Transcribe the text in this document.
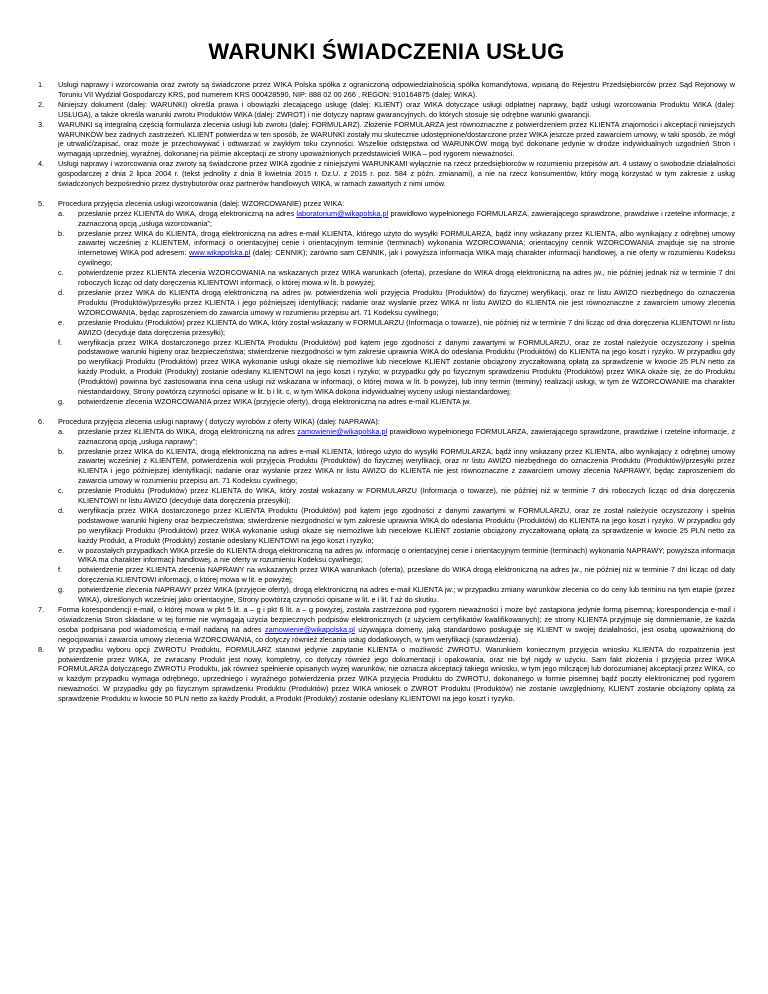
WARUNKI ŚWIADCZENIA USŁUG
1. Usługi naprawy i wzorcowania oraz zwroty są świadczone przez WIKA Polska spółka z ograniczoną odpowiedzialnością spółka komandytowa, wpisaną do Rejestru Przedsiębiorców przez Sąd Rejonowy w Toruniu VII Wydział Gospodarczy KRS, pod numerem KRS 000428590, NIP: 888 02 00 266 , REGON: 910164875 (dalej: WIKA).
2. Niniejszy dokument (dalej: WARUNKI) określa prawa i obowiązki zlecającego usługę (dalej: KLIENT) oraz WIKA dotyczące usługi odpłatnej naprawy, bądź usługi wzorcowania Produktu WIKA (dalej: USŁUGA), a także określa warunki zwrotu Produktów WIKA (dalej: ZWROT) i nie dotyczy napraw gwarancyjnych, do których stosuje się odrębne warunki gwarancji.
3. WARUNKI są integralną częścią formularza zlecenia usługi lub zwrotu (dalej: FORMULARZ). Złożenie FORMULARZA jest równoznaczne z potwierdzeniem przez KLIENTA znajomości i akceptacji niniejszych WARUNKÓW bez żadnych zastrzeżeń. KLIENT potwierdza w ten sposób, że WARUNKI zostały mu skutecznie udostępnione/dostarczone przez WIKA jeszcze przed zawarciem umowy, w taki sposób, że mógł je utrwalić/zapisać, oraz może je przechowywać i odtwarzać w zwykłym toku czynności. Wszelkie odstępstwa od WARUNKÓW mogą być dokonane jedynie w drodze indywidualnych uzgodnień Stron i wymagają uprzedniej, wyraźnej, dokonanej na piśmie akceptacji ze strony upoważnionych przedstawicieli WIKA – pod rygorem nieważności.
4. Usługi naprawy i wzorcowania oraz zwroty są świadczone przez WIKA zgodnie z niniejszymi WARUNKAMI wyłącznie na rzecz przedsiębiorców w rozumieniu przepisów art. 4 ustawy o swobodzie działalności gospodarczej z dnia 2 lipca 2004 r. (tekst jednolity z dnia 8 kwietnia 2015 r. Dz.U. z 2015 r. poz. 584 z późn. zmianami), a nie na rzecz konsumentów, który mogą korzystać w tym zakresie z usług świadczonych bezpośrednio przez dystrybutorów oraz partnerów handlowych WIKA, w ramach zawartych z nimi umów.
5. Procedura przyjęcia zlecenia usługi wzorcowania (dalej: WZORCOWANIE) przez WIKA:
a. przesłanie przez KLIENTA do WIKA, drogą elektroniczną na adres laboratorium@wikapolska.pl prawidłowo wypełnionego FORMULARZA, zawierającego sprawdzone, prawdziwe i rzetelne informacje, z zaznaczoną opcją „usługa wzorcowania”;
b. przesłanie przez WIKA do KLIENTA, drogą elektroniczną na adres e-mail KLIENTA, którego użyto do wysyłki FORMULARZA, bądź inny wskazany przez KLIENTA, albo wynikający z odrębnej umowy zawartej wcześniej z KLIENTEM, informacji o orientacyjnej cenie i orientacyjnym terminie (terminach) wykonania WZORCOWANIA; orientacyjny cennik WZORCOWANIA znajduje się na stronie internetowej WIKA pod adresem: www.wikapolska.pl (dalej: CENNIK); zarówno sam CENNIK, jak i powyższa informacja WIKA mają charakter informacji handlowej, a nie oferty w rozumieniu Kodeksu cywilnego;
c. potwierdzenie przez KLIENTA zlecenia WZORCOWANIA na wskazanych przez WIKA warunkach (oferta), przesłane do WIKA drogą elektroniczną na adres jw., nie później jednak niż w terminie 7 dni roboczych licząc od daty doręczenia KLIENTOWI informacji, o której mowa w lit. b powyżej;
d. przesłanie przez WIKA do KLIENTA drogą elektroniczną na adres jw. potwierdzenia woli przyjęcia Produktu (Produktów) do fizycznej weryfikacji, oraz nr listu AWIZO niezbędnego do oznaczenia Produktu (Produktów)/przesyłki przez KLIENTA i jego późniejszej identyfikacji; nadanie oraz wysłanie przez WIKA nr listu AWIZO do KLIENTA nie jest równoznaczne z zawarciem umowy zlecenia WZORCOWANIA, będąc zaproszeniem do zawarcia umowy w rozumieniu przepisu art. 71 Kodeksu cywilnego;
e. przesłanie Produktu (Produktów) przez KLIENTA do WIKA, który został wskazany w FORMULARZU (Informacja o towarze), nie później niż w terminie 7 dni licząc od dnia doręczenia KLIENTOWI nr listu AWIZO (decyduje data doręczenia przesyłki);
f. weryfikacja przez WIKA dostarczonego przez KLIENTA Produktu (Produktów) pod kątem jego zgodności z danymi zawartymi w FORMULARZU, oraz że został należycie oczyszczony i spełnia podstawowe warunki higieny oraz bezpieczeństwa; stwierdzenie niezgodności w tym zakresie uprawnia WIKA do odesłania Produktu (Produktów) do KLIENTA na jego koszt i ryzyko. W przypadku gdy po weryfikacji Produktu (Produktów) przez WIKA wykonanie usługi okaże się niemożliwe lub niecelowe KLIENT zostanie obciążony zryczałtowaną opłatą za sprawdzenie w kwocie 25 PLN netto za każdy Produkt, a Produkt (Produkty) zostanie odesłany KLIENTOWI na jego koszt i ryzyko; w przypadku gdy po fizycznym sprawdzeniu Produktu (Produktów) przez WIKA okaże się, że do Produktu (Produktów) powinna być zastosowana inna cena usługi niż wskazana w informacji, o której mowa w lit. b powyżej, lub inny termin (terminy) realizacji usługi, w tym że WZORCOWANIE ma charakter niestandardowy, Strony powtórzą czynności opisane w lit. b i lit. c, w tym WIKA dokona indywidualnej wyceny usługi niestandardowej;
g. potwierdzenie zlecenia WZORCOWANIA przez WIKA (przyjęcie oferty), drogą elektroniczną na adres e-mail KLIENTA jw.
6. Procedura przyjęcia zlecenia usługi naprawy ( dotyczy wyrobów z oferty WIKA) (dalej: NAPRAWA):
a. przesłanie przez KLIENTA do WIKA, drogą elektroniczną na adres zamowienie@wikapolska.pl prawidłowo wypełnionego FORMULARZA, zawierającego sprawdzone, prawdziwe i rzetelne informacje, z zaznaczoną opcją „usługa naprawy”;
b. przesłanie przez WIKA do KLIENTA, drogą elektroniczną na adres e-mail KLIENTA, którego użyto do wysyłki FORMULARZA, bądź inny wskazany przez KLIENTA, albo wynikający z odrębnej umowy zawartej wcześniej z KLIENTEM, potwierdzenia woli przyjęcia Produktu (Produktów) do fizycznej weryfikacji, oraz nr listu AWIZO niezbędnego do oznaczenia Produktu (Produktów)/przesyłki przez KLIENTA i jego późniejszej identyfikacji; nadanie oraz wysłanie przez WIKA nr listu AWIZO do KLIENTA nie jest równoznaczne z zawarciem umowy zlecenia NAPRAWY, będąc zaproszeniem do zawarcia umowy w rozumieniu przepisu art. 71 Kodeksu cywilnego;
c. przesłanie Produktu (Produktów) przez KLIENTA do WIKA, który został wskazany w FORMULARZU (Informacja o towarze), nie później niż w terminie 7 dni roboczych licząc od dnia doręczenia KLIENTOWI nr listu AWIZO (decyduje data doręczenia przesyłki);
d. weryfikacja przez WIKA dostarczonego przez KLIENTA Produktu (Produktów) pod kątem jego zgodności z danymi zawartymi w FORMULARZU, oraz że został należycie oczyszczony i spełnia podstawowe warunki higieny oraz bezpieczeństwa; stwierdzenie niezgodności w tym zakresie uprawnia WIKA do odesłania Produktu (Produktów) do KLIENTA na jego koszt i ryzyko. W przypadku gdy po weryfikacji Produktu (Produktów) przez WIKA wykonanie usługi okaże się niemożliwe lub niecelowe KLIENT zostanie obciążony zryczałtowaną opłatą za sprawdzenie w kwocie 25 PLN netto za każdy Produkt, a Produkt (Produkty) zostanie odesłany KLIENTOWI na jego koszt i ryzyko;
e. w pozostałych przypadkach WIKA prześle do KLIENTA drogą elektroniczną na adres jw. informację o orientacyjnej cenie i orientacyjnym terminie (terminach) wykonania NAPRAWY; powyższa informacja WIKA ma charakter informacji handlowej, a nie oferty w rozumieniu Kodeksu cywilnego;
f. potwierdzenie przez KLIENTA zlecenia NAPRAWY na wskazanych przez WIKA warunkach (oferta), przesłane do WIKA drogą elektroniczną na adres jw., nie później niż w terminie 7 dni licząc od daty doręczenia KLIENTOWI informacji, o której mowa w lit. e powyżej;
g. potwierdzenie zlecenia NAPRAWY przez WIKA (przyjęcie oferty), drogą elektroniczną na adres e-mail KLIENTA jw.; w przypadku zmiany warunków zlecenia co do ceny lub terminu na tym etapie (przez WIKA), określonych wcześniej jako orientacyjne, Strony powtórzą czynności opisane w lit. e i lit. f aż do skutku.
7. Forma korespondencji e-mail, o której mowa w pkt 5 lit. a – g i pkt 6 lit. a – g powyżej, została zastrzeżona pod rygorem nieważności i może być zastąpiona jedynie formą pisemną; korespondencja e-mail i oświadczenia Stron składane w tej formie nie wymagają użycia bezpiecznych podpisów elektronicznych (z użyciem certyfikatów kwalifikowanych); ze strony KLIENTA przyjmuje się domniemanie, że każda osoba podpisana pod wiadomością e-mail nadaną na adres zamowienie@wikapolska.pl używająca domeny, jaką standardowo posługuje się KLIENT w swojej działalności, jest osobą upoważnioną do negocjowania i zawarcia umowy zlecenia WZORCOWANIA, co dotyczy również zlecania usług dodatkowych, w tym weryfikacji (sprawdzenia).
8. W przypadku wyboru opcji ZWROTU Produktu, FORMULARZ stanowi jedynie zapytanie KLIENTA o możliwość ZWROTU. Warunkiem koniecznym przyjęcia wniosku KLIENTA do rozpatrzenia jest potwierdzenie przez WIKA, że zwracany Produkt jest nowy, kompletny, co dotyczy również jego dokumentacji i opakowania, oraz nie był nigdy w użyciu. Sam fakt złożenia i przyjęcia przez WIKA FORMULARZA dotyczącego ZWROTU Produktu, jak również spełnienie opisanych wyżej warunków, nie oznacza akceptacji takiego wniosku, w tym jego milczącej lub dorozumianej akceptacji przez WIKA, co w każdym przypadku wymaga odrębnego, uprzedniego i wyraźnego potwierdzenia przez WIKA przyjęcia Produktu do ZWROTU, dokonanego w formie pisemnej bądź poczty elektronicznej pod rygorem nieważności. W przypadku gdy po fizycznym sprawdzeniu Produktu (Produktów) przez WIKA wniosek o ZWROT Produktu (Produktów) nie zostanie uwzględniony, KLIENT zostanie obciążony opłatą za sprawdzenie Produktu w kwocie 50 PLN netto za każdy Produkt, a Produkt (Produkty) zostanie odesłany KLIENTOWI na jego koszt i ryzyko.
